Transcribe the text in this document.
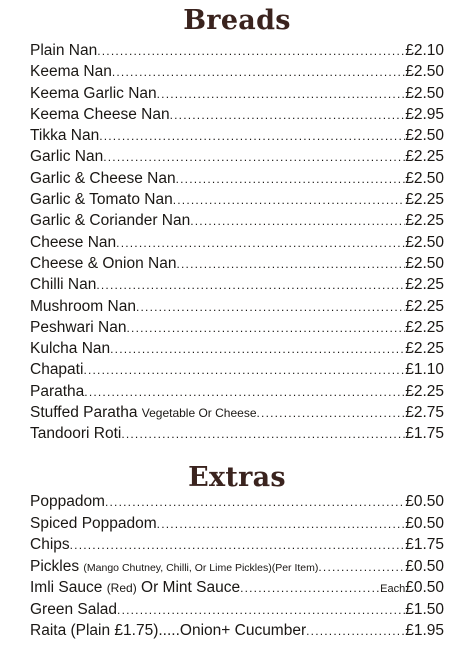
Breads
Plain Nan .....	£2.10
Keema Nan .....	£2.50
Keema Garlic Nan .....	£2.50
Keema Cheese Nan .....	£2.95
Tikka Nan .....	£2.50
Garlic Nan .....	£2.25
Garlic & Cheese Nan .....	£2.50
Garlic & Tomato Nan .....	£2.25
Garlic & Coriander Nan .....	£2.25
Cheese Nan .....	£2.50
Cheese & Onion Nan .....	£2.50
Chilli Nan .....	£2.25
Mushroom Nan .....	£2.25
Peshwari Nan .....	£2.25
Kulcha Nan .....	£2.25
Chapati .....	£1.10
Paratha .....	£2.25
Stuffed Paratha Vegetable Or Cheese .....	£2.75
Tandoori Roti .....	£1.75
Extras
Poppadom .....	£0.50
Spiced Poppadom .....	£0.50
Chips .....	£1.75
Pickles (Mango Chutney, Chilli, Or Lime Pickles)(Per Item) .....	£0.50
Imli Sauce (Red) Or Mint Sauce .....	Each £0.50
Green Salad .....	£1.50
Raita (Plain £1.75).....Onion+ Cucumber .....	£1.95
